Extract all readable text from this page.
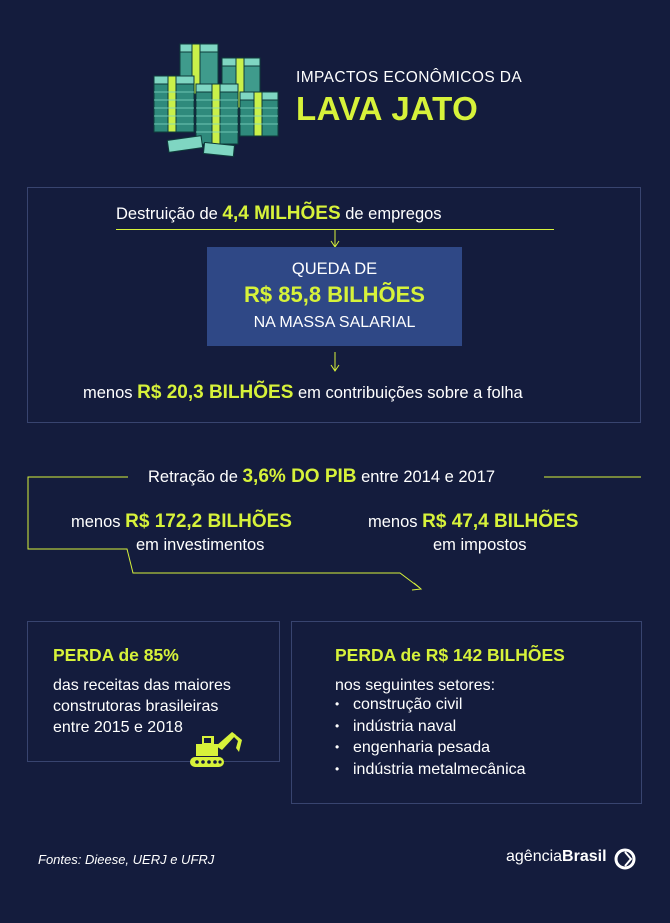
IMPACTOS ECONÔMICOS DA
LAVA JATO
Destruição de 4,4 MILHÕES de empregos
QUEDA DE
R$ 85,8 BILHÕES
NA MASSA SALARIAL
menos R$ 20,3 BILHÕES em contribuições sobre a folha
Retração de 3,6% DO PIB entre 2014 e 2017
menos R$ 172,2 BILHÕES
em investimentos
menos R$ 47,4 BILHÕES
em impostos
PERDA de 85%
das receitas das maiores
construtoras brasileiras
entre 2015 e 2018
PERDA de R$ 142 BILHÕES
nos seguintes setores:
• construção civil
• indústria naval
• engenharia pesada
• indústria metalmecânica
Fontes: Dieese, UERJ e UFRJ	agênciaBrasil
